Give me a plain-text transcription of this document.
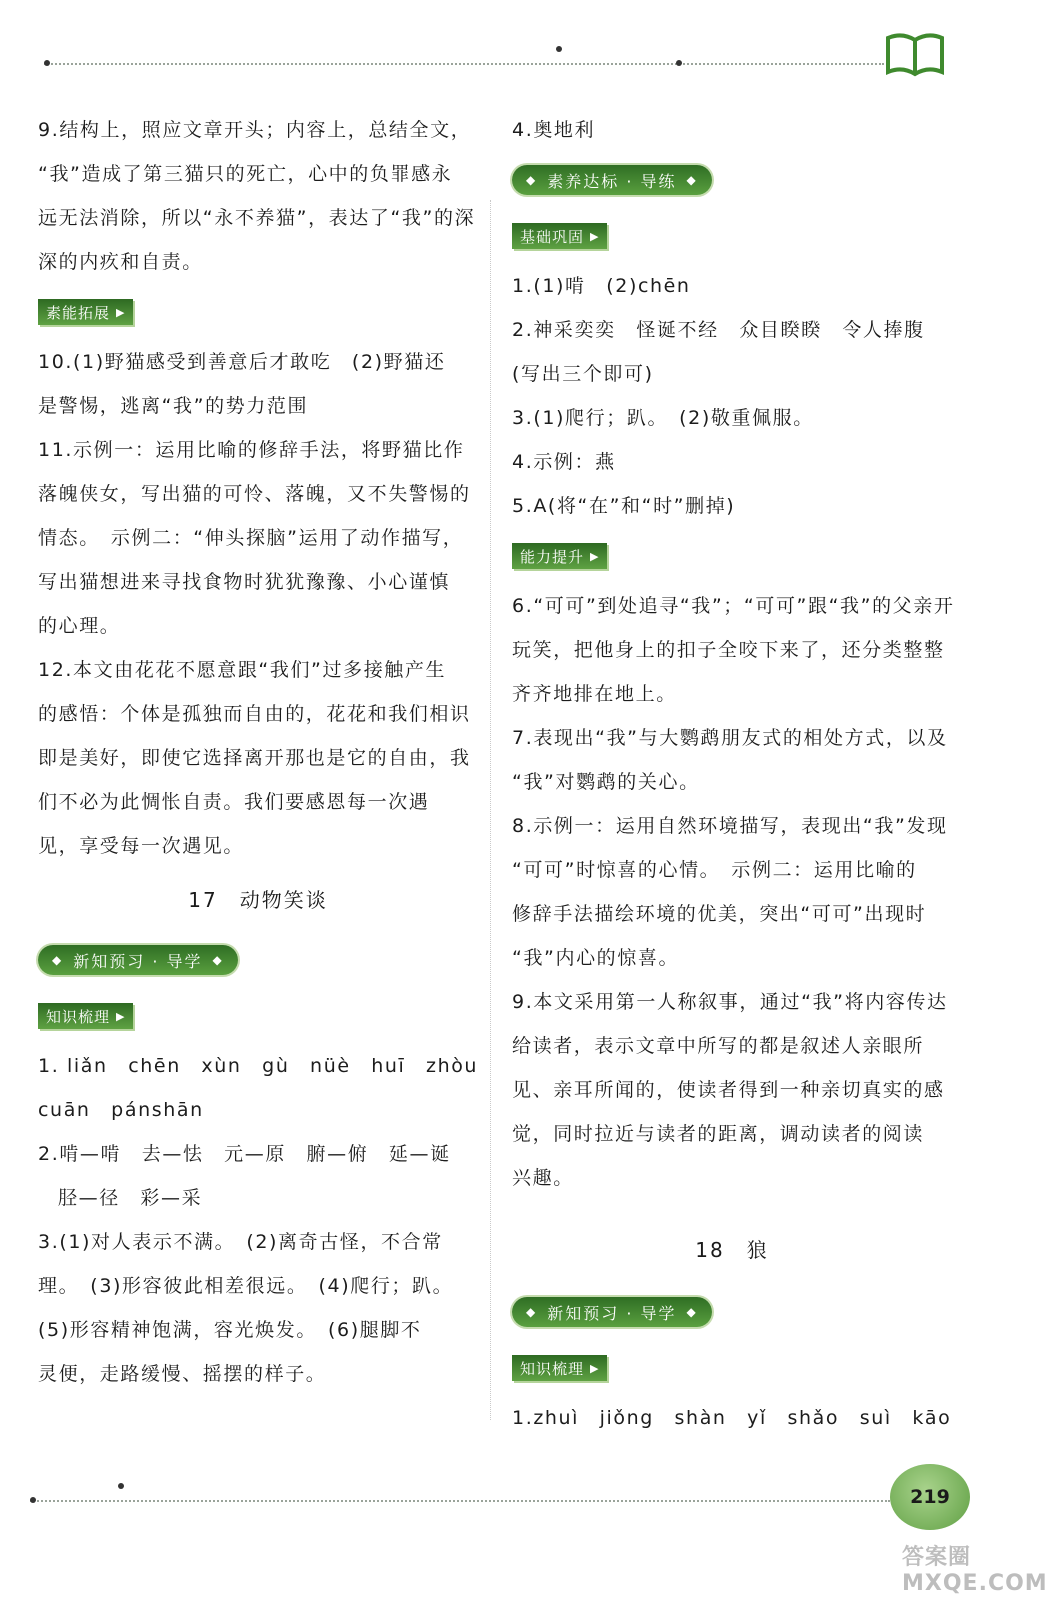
9.结构上，照应文章开头；内容上，总结全文，
“我”造成了第三猫只的死亡，心中的负罪感永
远无法消除，所以“永不养猫”，表达了“我”的深
深的内疚和自责。
素能拓展 ▶
10.(1)野猫感受到善意后才敢吃　(2)野猫还
是警惕，逃离“我”的势力范围
11.示例一：运用比喻的修辞手法，将野猫比作
落魄侠女，写出猫的可怜、落魄，又不失警惕的
情态。　示例二：“伸头探脑”运用了动作描写，
写出猫想进来寻找食物时犹犹豫豫、小心谨慎
的心理。
12.本文由花花不愿意跟“我们”过多接触产生
的感悟：个体是孤独而自由的，花花和我们相识
即是美好，即使它选择离开那也是它的自由，我
们不必为此惆怅自责。我们要感恩每一次遇
见，享受每一次遇见。
17 动物笑谈
◆ 新知预习 · 导学 ◆
知识梳理 ▶
1. liǎn　chēn　xùn　gù　nüè　huī　zhòu
cuān　pánshān
2.啃—啃　去—怯　元—原　腑—俯　延—诞
胫—径　彩—采
3.(1)对人表示不满。　(2)离奇古怪，不合常
理。　(3)形容彼此相差很远。　(4)爬行；趴。
(5)形容精神饱满，容光焕发。　(6)腿脚不
灵便，走路缓慢、摇摆的样子。
4.奥地利
◆ 素养达标 · 导练 ◆
基础巩固 ▶
1.(1)啃　(2)chēn
2.神采奕奕　怪诞不经　众目睽睽　令人捧腹
(写出三个即可)
3.(1)爬行；趴。　(2)敬重佩服。
4.示例：燕
5.A(将“在”和“时”删掉)
能力提升 ▶
6.“可可”到处追寻“我”；“可可”跟“我”的父亲开
玩笑，把他身上的扣子全咬下来了，还分类整整
齐齐地排在地上。
7.表现出“我”与大鹦鹉朋友式的相处方式，以及
“我”对鹦鹉的关心。
8.示例一：运用自然环境描写，表现出“我”发现
“可可”时惊喜的心情。　示例二：运用比喻的
修辞手法描绘环境的优美，突出“可可”出现时
“我”内心的惊喜。
9.本文采用第一人称叙事，通过“我”将内容传达
给读者，表示文章中所写的都是叙述人亲眼所
见、亲耳所闻的，使读者得到一种亲切真实的感
觉，同时拉近与读者的距离，调动读者的阅读
兴趣。
18 狼
◆ 新知预习 · 导学 ◆
知识梳理 ▶
1.zhuì　jiǒng　shàn　yǐ　shǎo　suì　kāo
219
答案圈 MXQE.COM
